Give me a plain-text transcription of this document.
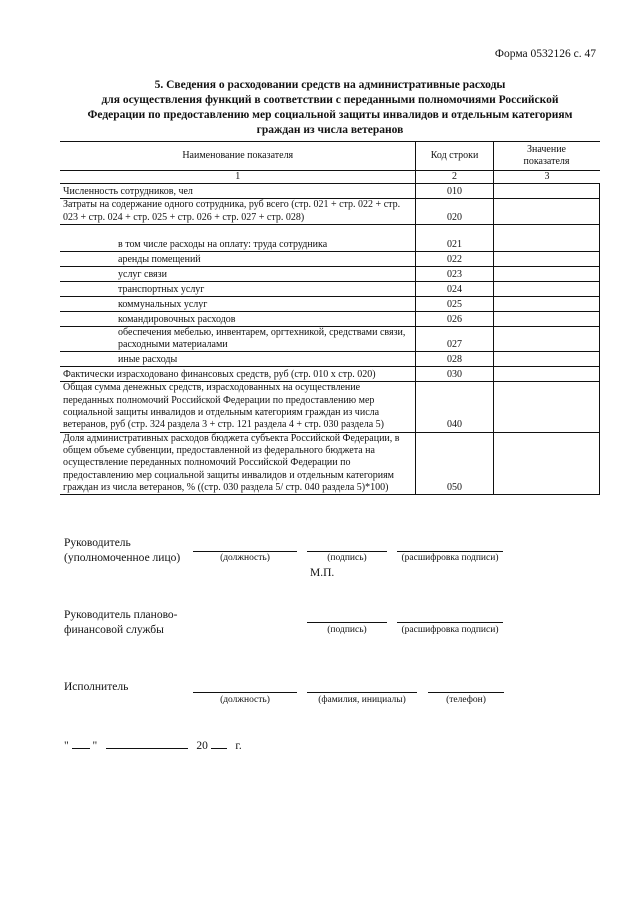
Форма 0532126 с. 47
5. Сведения о расходовании средств на административные расходы
для осуществления функций в соответствии с переданными полномочиями Российской
Федерации по предоставлению мер социальной защиты инвалидов и отдельным категориям
граждан из числа ветеранов
Наименование показателя	Код строки	Значение показателя
1	2	3
Численность сотрудников, чел	010	
Затраты на содержание одного сотрудника, руб всего (стр. 021 + стр. 022 + стр. 023 + стр. 024 + стр. 025 + стр. 026 + стр. 027 + стр. 028)	020	
в том числе расходы на оплату: труда сотрудника	021	
аренды помещений	022	
услуг связи	023	
транспортных услуг	024	
коммунальных услуг	025	
командировочных расходов	026	
обеспечения мебелью, инвентарем, оргтехникой, средствами связи, расходными материалами	027	
иные расходы	028	
Фактически израсходовано финансовых средств, руб (стр. 010 х стр. 020)	030	
Общая сумма денежных средств, израсходованных на осуществление переданных полномочий Российской Федерации по предоставлению мер социальной защиты инвалидов и отдельным категориям граждан из числа ветеранов, руб (стр. 324 раздела 3 + стр. 121 раздела 4 + стр. 030 раздела 5)	040	
Доля административных расходов бюджета субъекта Российской Федерации, в общем объеме субвенции, предоставленной из федерального бюджета на осуществление переданных полномочий Российской Федерации по предоставлению мер социальной защиты инвалидов и отдельным категориям граждан из числа ветеранов, % ((стр. 030 раздела 5/ стр. 040 раздела 5)*100)	050	
Руководитель
(уполномоченное лицо)	(должность)	(подпись)	(расшифровка подписи)
М.П.
Руководитель планово-
финансовой службы	(подпись)	(расшифровка подписи)
Исполнитель
(должность)	(фамилия, инициалы)	(телефон)
" "	20 г.
